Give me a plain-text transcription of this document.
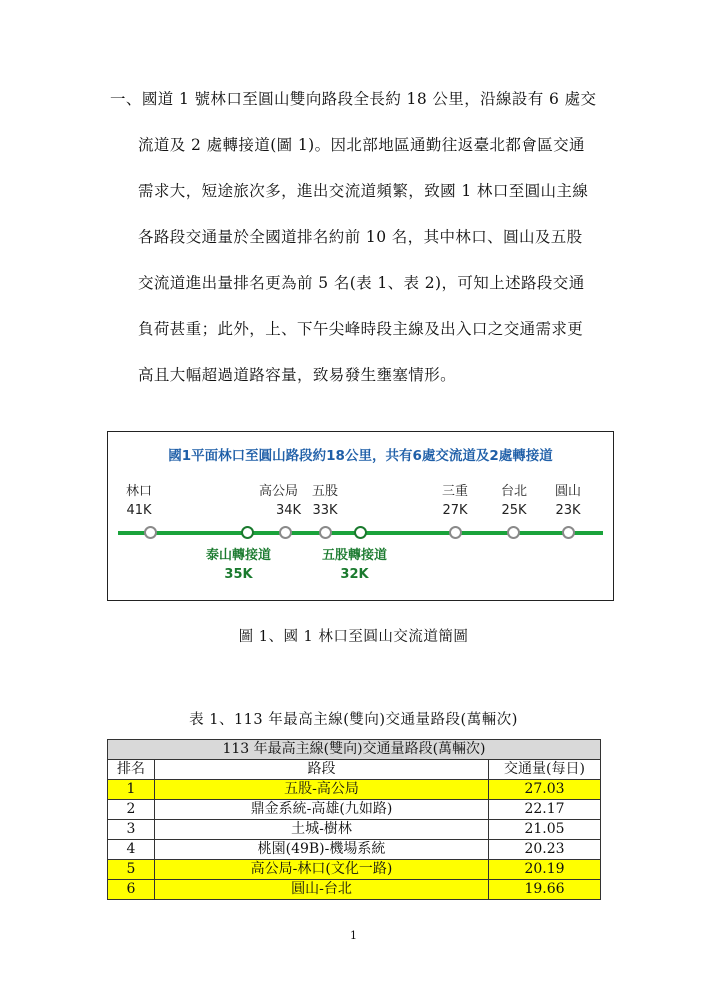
一、國道 1 號林口至圓山雙向路段全長約 18 公里，沿線設有 6 處交
流道及 2 處轉接道(圖 1)。因北部地區通勤往返臺北都會區交通
需求大，短途旅次多，進出交流道頻繁，致國 1 林口至圓山主線
各路段交通量於全國道排名約前 10 名，其中林口、圓山及五股
交流道進出量排名更為前 5 名(表 1、表 2)，可知上述路段交通
負荷甚重；此外，上、下午尖峰時段主線及出入口之交通需求更
高且大幅超過道路容量，致易發生壅塞情形。
國1平面林口至圓山路段約18公里，共有6處交流道及2處轉接道
林口
41K
高公局
34K
五股
33K
三重
27K
台北
25K
圓山
23K
泰山轉接道
35K
五股轉接道
32K
圖 1、國 1 林口至圓山交流道簡圖
表 1、113 年最高主線(雙向)交通量路段(萬輛次)
113 年最高主線(雙向)交通量路段(萬輛次)		
排名	路段	交通量(每日)
1	五股-高公局	27.03
2	鼎金系統-高雄(九如路)	22.17
3	土城-樹林	21.05
4	桃園(49B)-機場系統	20.23
5	高公局-林口(文化一路)	20.19
6	圓山-台北	19.66
1
